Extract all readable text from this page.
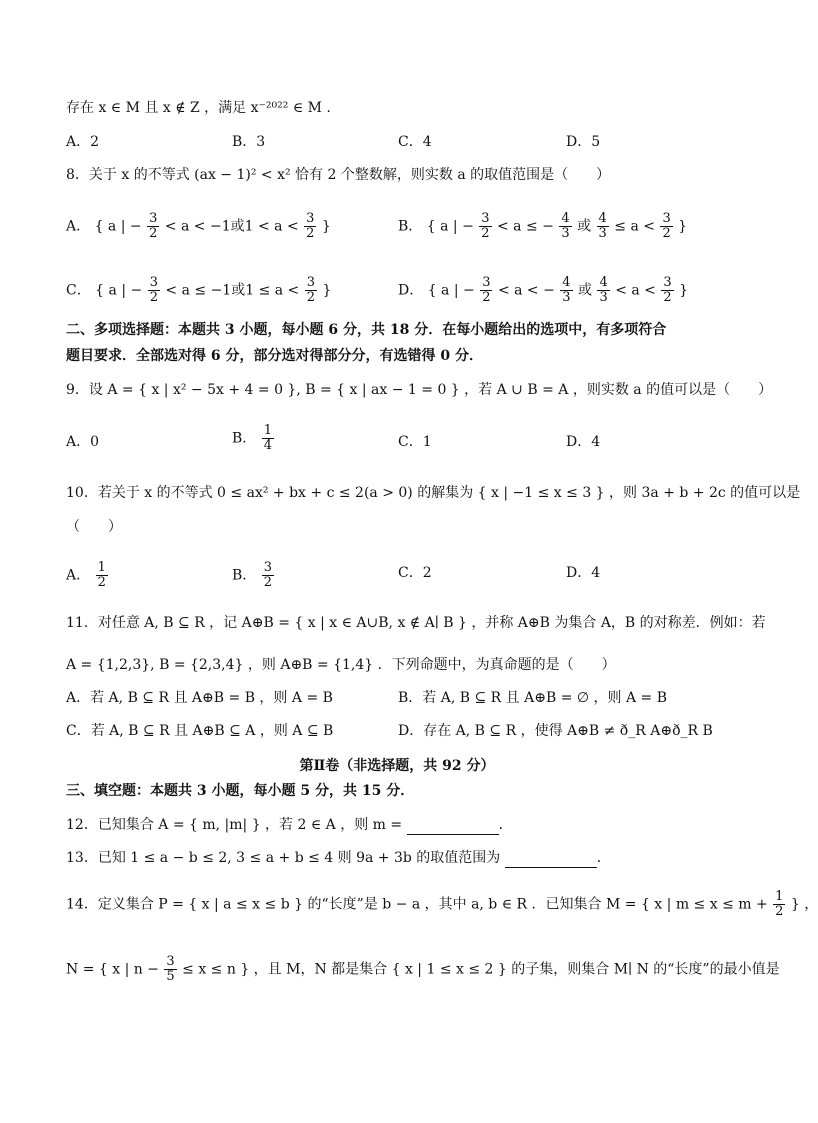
存在 x ∈ M 且 x ∉ Z ，满足 x⁻²⁰²² ∈ M .
A．2	B．3	C．4	D．5
8．关于 x 的不等式 (ax − 1)² < x² 恰有 2 个整数解，则实数 a 的取值范围是（　　）
A． { a | − $\frac{3}{2} < a < -1$或$1 < a < \frac{3}{2}$ }	B． { a | − $\frac{3}{2} < a$ ≤ − $\frac{4}{3}$ 或 $\frac{4}{3} \le a < \frac{3}{2}$ }
C． { a | − $\frac{3}{2} < a \le -1$或$1 \le a < \frac{3}{2}$ }	D． { a | − $\frac{3}{2} < a$ < − $\frac{4}{3}$ 或 $\frac{4}{3} < a < \frac{3}{2}$ }
二、多项选择题：本题共 3 小题，每小题 6 分，共 18 分．在每小题给出的选项中，有多项符合
题目要求．全部选对得 6 分，部分选对得部分分，有选错得 0 分．
9．设 A = { x | x² − 5x + 4 = 0 }, B = { x | ax − 1 = 0 } ，若 A ∪ B = A ，则实数 a 的值可以是（　　）
A．0	B． $\frac{1}{4}$	C．1	D．4
10．若关于 x 的不等式 0 ≤ ax² + bx + c ≤ 2(a > 0) 的解集为 { x | −1 ≤ x ≤ 3 } ，则 3a + b + 2c 的值可以是
（　　）
A． $\frac{1}{2}$	B． $\frac{3}{2}$	C．2	D．4
11．对任意 A, B ⊆ R ，记 A⊕B = { x | x ∈ A∪B, x ∉ A∣ B } ，并称 A⊕B 为集合 A，B 的对称差．例如：若
A = {1,2,3}, B = {2,3,4} ，则 A⊕B = {1,4} ．下列命题中，为真命题的是（　　）
A．若 A, B ⊆ R 且 A⊕B = B ，则 A = B	B．若 A, B ⊆ R 且 A⊕B = ∅ ，则 A = B
C．若 A, B ⊆ R 且 A⊕B ⊆ A ，则 A ⊆ B	D．存在 A, B ⊆ R ，使得 A⊕B ≠ ð_R A⊕ð_R B
第Ⅱ卷（非选择题，共 92 分）
三、填空题：本题共 3 小题，每小题 5 分，共 15 分．
12．已知集合 A = { m, |m| } ，若 2 ∈ A ，则 m =	．
13．已知 1 ≤ a − b ≤ 2, 3 ≤ a + b ≤ 4 则 9a + 3b 的取值范围为	．
14．定义集合 P = { x | a ≤ x ≤ b } 的“长度”是 b − a ，其中 a, b ∈ R ．已知集合 M = { x | $m \le x \le m + \frac{1}{2}$ } ，
N = { x | $n - \frac{3}{5} \le x \le n$ } ，且 M，N 都是集合 { x | 1 ≤ x ≤ 2 } 的子集，则集合 M∣ N 的“长度”的最小值是
